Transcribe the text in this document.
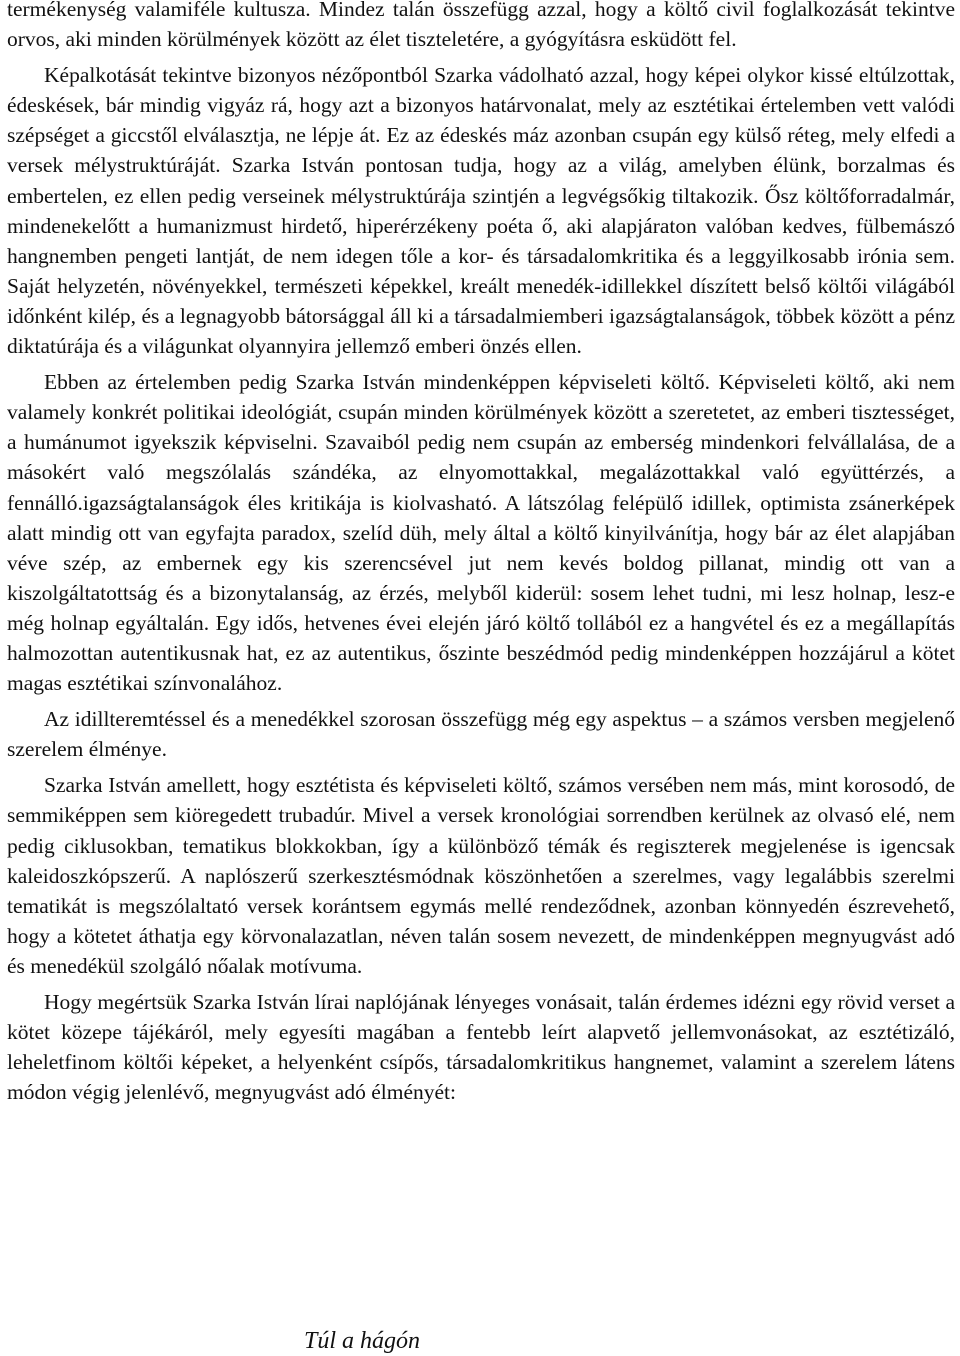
termékenység valamiféle kultusza. Mindez talán összefügg azzal, hogy a költő civil foglalkozását tekintve orvos, aki minden körülmények között az élet tiszteletére, a gyógyításra esküdött fel.

Képalkotását tekintve bizonyos nézőpontból Szarka vádolható azzal, hogy képei olykor kissé eltúlzottak, édeskések, bár mindig vigyáz rá, hogy azt a bizonyos határvonalat, mely az esztétikai értelemben vett valódi szépséget a giccstől elválasztja, ne lépje át. Ez az édeskés máz azonban csupán egy külső réteg, mely elfedi a versek mélystruktúráját. Szarka István pontosan tudja, hogy az a világ, amelyben élünk, borzalmas és embertelen, ez ellen pedig verseinek mélystruktúrája szintjén a legvégsőkig tiltakozik. Ősz költőforradalmár, mindenekelőtt a humanizmust hirdető, hiperérzékeny poéta ő, aki alapjáraton valóban kedves, fülbemászó hangnemben pengeti lantját, de nem idegen tőle a kor- és társadalomkritika és a leggyilkosabb irónia sem. Saját helyzetén, növényekkel, természeti képekkel, kreált menedék-idillekkel díszített belső költői világából időnként kilép, és a legnagyobb bátorsággal áll ki a társadalmiemberi igazságtalanságok, többek között a pénz diktatúrája és a világunkat olyannyira jellemző emberi önzés ellen.

Ebben az értelemben pedig Szarka István mindenképpen képviseleti költő. Képviseleti költő, aki nem valamely konkrét politikai ideológiát, csupán minden körülmények között a szeretetet, az emberi tisztességet, a humánumot igyekszik képviselni. Szavaiból pedig nem csupán az emberség mindenkori felvállalása, de a másokért való megszólalás szándéka, az elnyomottakkal, megalázottakkal való együttérzés, a fennálló.igazságtalanságok éles kritikája is kiolvasható. A látszólag felépülő idillek, optimista zsánerképek alatt mindig ott van egyfajta paradox, szelíd düh, mely által a költő kinyilvánítja, hogy bár az élet alapjában véve szép, az embernek egy kis szerencsével jut nem kevés boldog pillanat, mindig ott van a kiszolgáltatottság és a bizonytalanság, az érzés, melyből kiderül: sosem lehet tudni, mi lesz holnap, lesz-e még holnap egyáltalán. Egy idős, hetvenes évei elején járó költő tollából ez a hangvétel és ez a megállapítás halmozottan autentikusnak hat, ez az autentikus, őszinte beszédmód pedig mindenképpen hozzájárul a kötet magas esztétikai színvonalához.

Az idillteremtéssel és a menedékkel szorosan összefügg még egy aspektus – a számos versben megjelenő szerelem élménye.

Szarka István amellett, hogy esztétista és képviseleti költő, számos versében nem más, mint korosodó, de semmiképpen sem kiöregedett trubadúr. Mivel a versek kronológiai sorrendben kerülnek az olvasó elé, nem pedig ciklusokban, tematikus blokkokban, így a különböző témák és regiszterek megjelenése is igencsak kaleidoszkópszerű. A naplószerű szerkesztésmódnak köszönhetően a szerelmes, vagy legalábbis szerelmi tematikát is megszólaltató versek korántsem egymás mellé rendeződnek, azonban könnyedén észrevehető, hogy a kötetet áthatja egy körvonalazatlan, néven talán sosem nevezett, de mindenképpen megnyugvást adó és menedékül szolgáló nőalak motívuma.

Hogy megértsük Szarka István lírai naplójának lényeges vonásait, talán érdemes idézni egy rövid verset a kötet közepe tájékáról, mely egyesíti magában a fentebb leírt alapvető jellemvonásokat, az esztétizáló, leheletfinom költői képeket, a helyenként csípős, társadalomkritikus hangnemet, valamint a szerelem látens módon végig jelenlévő, megnyugvást adó élményét:

Túl a hágón
